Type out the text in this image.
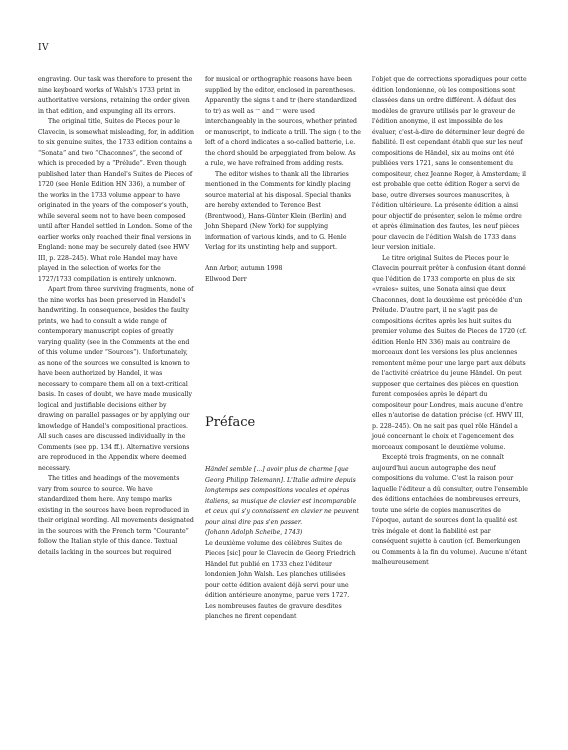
IV

engraving. Our task was therefore to present the nine keyboard works of Walsh's 1733 print in authoritative versions, retaining the order given in that edition, and expunging all its errors.

The original title, Suites de Pieces pour le Clavecin, is somewhat misleading, for, in addition to six genuine suites, the 1733 edition contains a “Sonata” and two “Chaconnes”, the second of which is preceded by a “Prélude”. Even though published later than Handel's Suites de Pieces of 1720 (see Henle Edition HN 336), a number of the works in the 1733 volume appear to have originated in the years of the composer's youth, while several seem not to have been composed until after Handel settled in London. Some of the earlier works only reached their final versions in England: none may be securely dated (see HWV III, p. 228–245). What role Handel may have played in the selection of works for the 1727/1733 compilation is entirely unknown.

Apart from three surviving fragments, none of the nine works has been preserved in Handel's handwriting. In consequence, besides the faulty prints, we had to consult a wide range of contemporary manuscript copies of greatly varying quality (see in the Comments at the end of this volume under “Sources”). Unfortunately, as none of the sources we consulted is known to have been authorized by Handel, it was necessary to compare them all on a text-critical basis. In cases of doubt, we have made musically logical and justifiable decisions either by drawing on parallel passages or by applying our knowledge of Handel's compositional practices. All such cases are discussed individually in the Comments (see pp. 134 ff.). Alternative versions are reproduced in the Appendix where deemed necessary.

The titles and headings of the movements vary from source to source. We have standardized them here. Any tempo marks existing in the sources have been reproduced in their original wording. All movements designated in the sources with the French term “Courante” follow the Italian style of this dance. Textual details lacking in the sources but required

for musical or orthographic reasons have been supplied by the editor, enclosed in parentheses. Apparently the signs t and tr (here standardized to tr) as well as ᵔᵔ and ᵔᵔ were used interchangeably in the sources, whether printed or manuscript, to indicate a trill. The sign ( to the left of a chord indicates a so-called batterie, i.e. the chord should be arpeggiated from below. As a rule, we have refrained from adding rests.

The editor wishes to thank all the libraries mentioned in the Comments for kindly placing source material at his disposal. Special thanks are hereby extended to Terence Best (Brentwood), Hans-Günter Klein (Berlin) and John Shepard (New York) for supplying information of various kinds, and to G. Henle Verlag for its unstinting help and support.

Ann Arbor, autumn 1998

Ellwood Derr

Préface

Händel semble [...] avoir plus de charme [que Georg Philipp Telemann]. L'Italie admire depuis longtemps ses compositions vocales et opéras italiens, sa musique de clavier est incomparable et ceux qui s'y connaissent en clavier ne peuvent pour ainsi dire pas s'en passer.

(Johann Adolph Scheibe, 1743)

Le deuxième volume des célèbres Suites de Pieces [sic] pour le Clavecin de Georg Friedrich Händel fut publié en 1733 chez l'éditeur londonien John Walsh. Les planches utilisées pour cette édition avaient déjà servi pour une édition antérieure anonyme, parue vers 1727. Les nombreuses fautes de gravure desdites planches ne firent cependant

l'objet que de corrections sporadiques pour cette édition londonienne, où les compositions sont classées dans un ordre différent. À défaut des modèles de gravure utilisés par le graveur de l'édition anonyme, il est impossible de les évaluer, c'est-à-dire de déterminer leur degré de fiabilité. Il est cependant établi que sur les neuf compositions de Händel, six au moins ont été publiées vers 1721, sans le consentement du compositeur, chez Jeanne Roger, à Amsterdam; il est probable que cette édition Roger a servi de base, outre diverses sources manuscrites, à l'édition ultérieure. La présente édition a ainsi pour objectif de présenter, selon le même ordre et après élimination des fautes, les neuf pièces pour clavecin de l'édition Walsh de 1733 dans leur version initiale.

Le titre original Suites de Pieces pour le Clavecin pourrait prêter à confusion étant donné que l'édition de 1733 comporte en plus de six «vraies» suites, une Sonata ainsi que deux Chaconnes, dont la deuxième est précédée d'un Prélude. D'autre part, il ne s'agit pas de compositions écrites après les huit suites du premier volume des Suites de Pieces de 1720 (cf. édition Henle HN 336) mais au contraire de morceaux dont les versions les plus anciennes remontent même pour une large part aux débuts de l'activité créatrice du jeune Händel. On peut supposer que certaines des pièces en question furent composées après le départ du compositeur pour Londres, mais aucune d'entre elles n'autorise de datation précise (cf. HWV III, p. 228–245). On ne sait pas quel rôle Händel a joué concernant le choix et l'agencement des morceaux composant le deuxième volume.

Excepté trois fragments, on ne connaît aujourd'hui aucun autographe des neuf compositions du volume. C'est la raison pour laquelle l'éditeur a dû consulter, outre l'ensemble des éditions entachées de nombreuses erreurs, toute une série de copies manuscrites de l'époque, autant de sources dont la qualité est très inégale et dont la fiabilité est par conséquent sujette à caution (cf. Bemerkungen ou Comments à la fin du volume). Aucune n'étant malheureusement
